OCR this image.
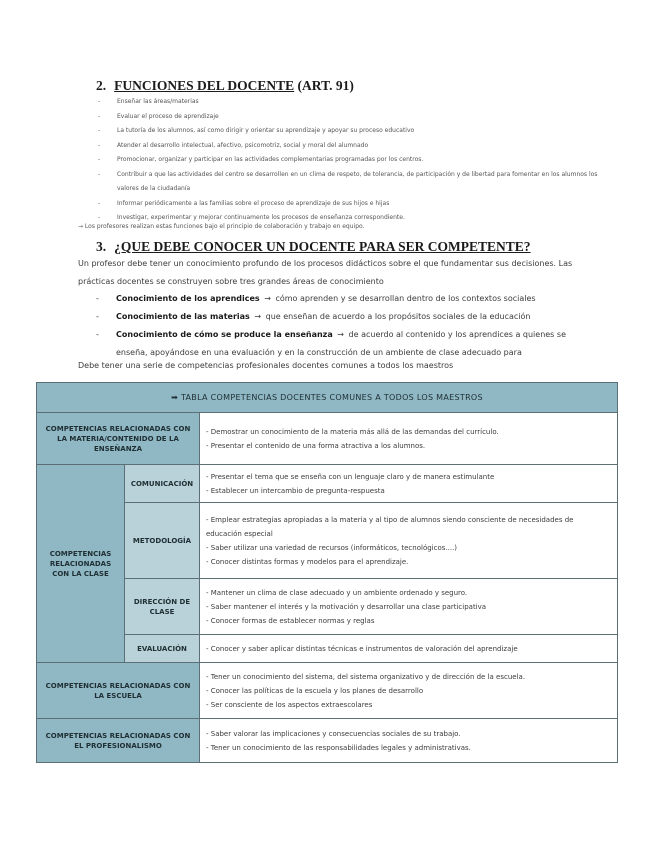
2. FUNCIONES DEL DOCENTE (ART. 91)
- Enseñar las áreas/materias
- Evaluar el proceso de aprendizaje
- La tutoría de los alumnos, así como dirigir y orientar su aprendizaje y apoyar su proceso educativo
- Atender al desarrollo intelectual, afectivo, psicomotriz, social y moral del alumnado
- Promocionar, organizar y participar en las actividades complementarias programadas por los centros.
- Contribuir a que las actividades del centro se desarrollen en un clima de respeto, de tolerancia, de participación y de libertad para fomentar en los alumnos los valores de la ciudadanía
- Informar periódicamente a las familias sobre el proceso de aprendizaje de sus hijos e hijas
- Investigar, experimentar y mejorar continuamente los procesos de enseñanza correspondiente.
→ Los profesores realizan estas funciones bajo el principio de colaboración y trabajo en equipo.
3. ¿QUE DEBE CONOCER UN DOCENTE PARA SER COMPETENTE?
Un profesor debe tener un conocimiento profundo de los procesos didácticos sobre el que fundamentar sus decisiones. Las prácticas docentes se construyen sobre tres grandes áreas de conocimiento
- Conocimiento de los aprendices → cómo aprenden y se desarrollan dentro de los contextos sociales
- Conocimiento de las materias → que enseñan de acuerdo a los propósitos sociales de la educación
- Conocimiento de cómo se produce la enseñanza → de acuerdo al contenido y los aprendices a quienes se enseña, apoyándose en una evaluación y en la construcción de un ambiente de clase adecuado para
Debe tener una serie de competencias profesionales docentes comunes a todos los maestros
➡ TABLA COMPETENCIAS DOCENTES COMUNES A TODOS LOS MAESTROS		
COMPETENCIAS RELACIONADAS CON LA MATERIA/CONTENIDO DE LA ENSEÑANZA		- Demostrar un conocimiento de la materia más allá de las demandas del currículo.
- Presentar el contenido de una forma atractiva a los alumnos.

COMPETENCIAS RELACIONADAS CON LA CLASE	COMUNICACIÓN	- Presentar el tema que se enseña con un lenguaje claro y de manera estimulante
- Establecer un intercambio de pregunta-respuesta

	METODOLOGÍA	- Emplear estrategias apropiadas a la materia y al tipo de alumnos siendo consciente de necesidades de educación especial
- Saber utilizar una variedad de recursos (informáticos, tecnológicos....)
- Conocer distintas formas y modelos para el aprendizaje.

	DIRECCIÓN DE CLASE	- Mantener un clima de clase adecuado y un ambiente ordenado y seguro.
- Saber mantener el interés y la motivación y desarrollar una clase participativa
- Conocer formas de establecer normas y reglas

	EVALUACIÓN	- Conocer y saber aplicar distintas técnicas e instrumentos de valoración del aprendizaje

COMPETENCIAS RELACIONADAS CON LA ESCUELA		- Tener un conocimiento del sistema, del sistema organizativo y de dirección de la escuela.
- Conocer las políticas de la escuela y los planes de desarrollo
- Ser consciente de los aspectos extraescolares

COMPETENCIAS RELACIONADAS CON EL PROFESIONALISMO		- Saber valorar las implicaciones y consecuencias sociales de su trabajo.
- Tener un conocimiento de las responsabilidades legales y administrativas.
